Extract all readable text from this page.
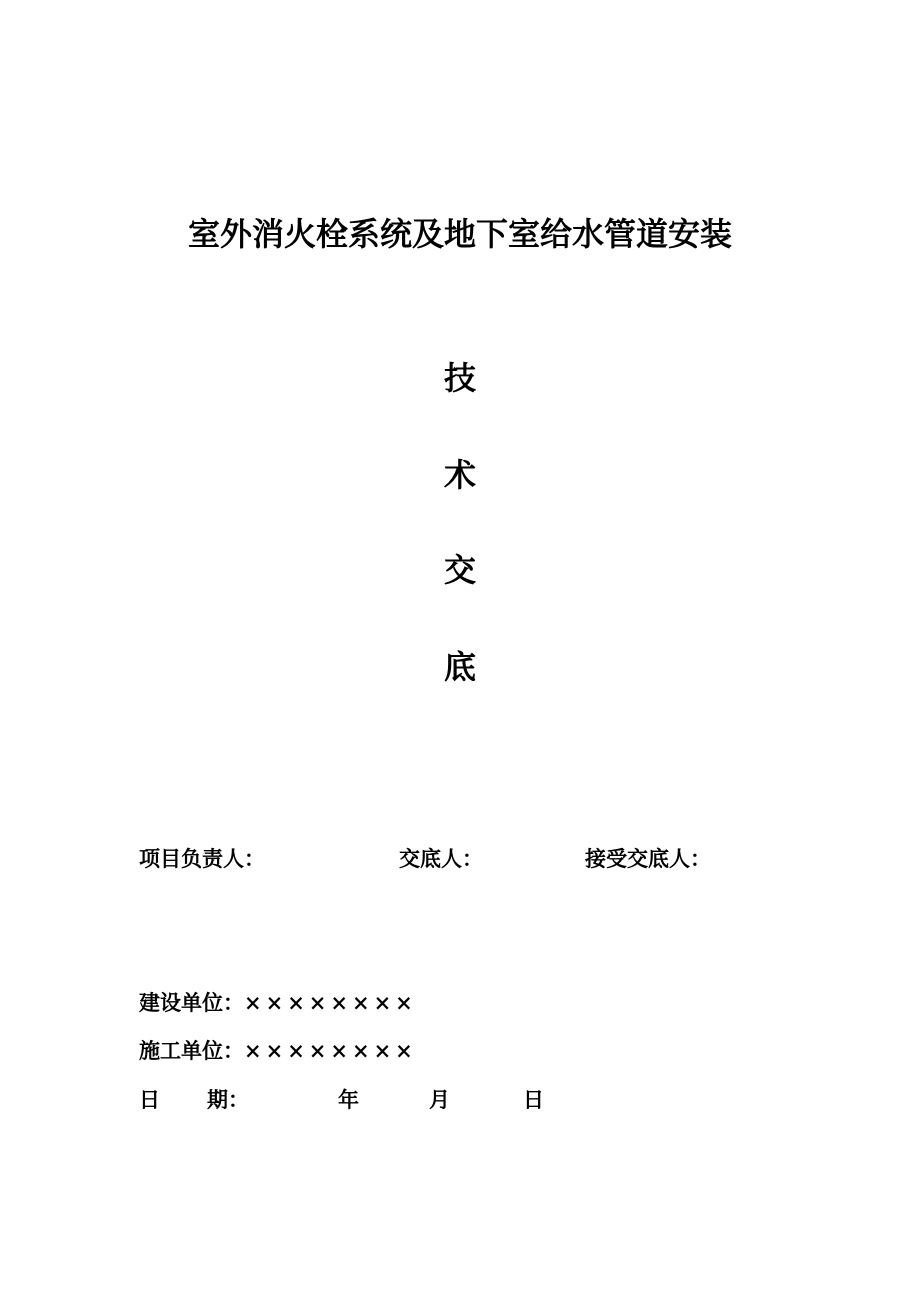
室外消火栓系统及地下室给水管道安装
技
术
交
底
项目负责人：	交底人：	接受交底人：
建设单位：××××××××
施工单位：××××××××
日 期：	年	月	日
